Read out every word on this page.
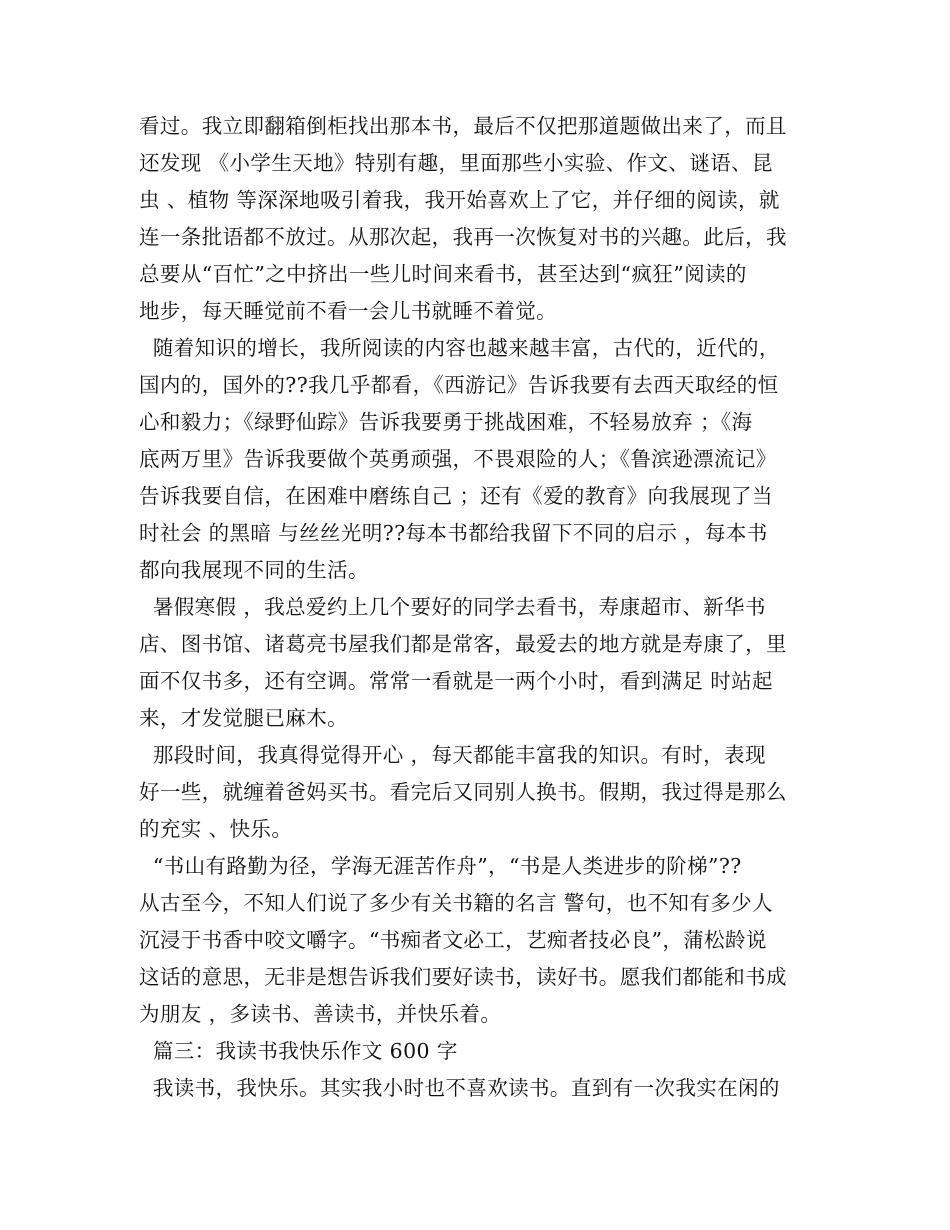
看过。我立即翻箱倒柜找出那本书，最后不仅把那道题做出来了，而且
还发现 《小学生天地》特别有趣，里面那些小实验、作文、谜语、昆
虫 、植物 等深深地吸引着我，我开始喜欢上了它，并仔细的阅读，就
连一条批语都不放过。从那次起，我再一次恢复对书的兴趣。此后，我
总要从“百忙”之中挤出一些儿时间来看书，甚至达到“疯狂”阅读的
地步，每天睡觉前不看一会儿书就睡不着觉。
随着知识的增长，我所阅读的内容也越来越丰富，古代的，近代的，
国内的，国外的??我几乎都看，《西游记》告诉我要有去西天取经的恒
心和毅力；《绿野仙踪》告诉我要勇于挑战困难，不轻易放弃 ；《海
底两万里》告诉我要做个英勇顽强，不畏艰险的人；《鲁滨逊漂流记》
告诉我要自信，在困难中磨练自己 ；还有《爱的教育》向我展现了当
时社会 的黑暗 与丝丝光明??每本书都给我留下不同的启示 ，每本书
都向我展现不同的生活。
暑假寒假 ，我总爱约上几个要好的同学去看书，寿康超市、新华书
店、图书馆、诸葛亮书屋我们都是常客，最爱去的地方就是寿康了，里
面不仅书多，还有空调。常常一看就是一两个小时，看到满足 时站起
来，才发觉腿已麻木。
那段时间，我真得觉得开心 ，每天都能丰富我的知识。有时，表现
好一些，就缠着爸妈买书。看完后又同别人换书。假期，我过得是那么
的充实 、快乐。
“书山有路勤为径，学海无涯苦作舟”，“书是人类进步的阶梯”??
从古至今，不知人们说了多少有关书籍的名言 警句，也不知有多少人
沉浸于书香中咬文嚼字。“书痴者文必工，艺痴者技必良”，蒲松龄说
这话的意思，无非是想告诉我们要好读书，读好书。愿我们都能和书成
为朋友 ，多读书、善读书，并快乐着。
篇三：我读书我快乐作文 600 字
我读书，我快乐。其实我小时也不喜欢读书。直到有一次我实在闲的
